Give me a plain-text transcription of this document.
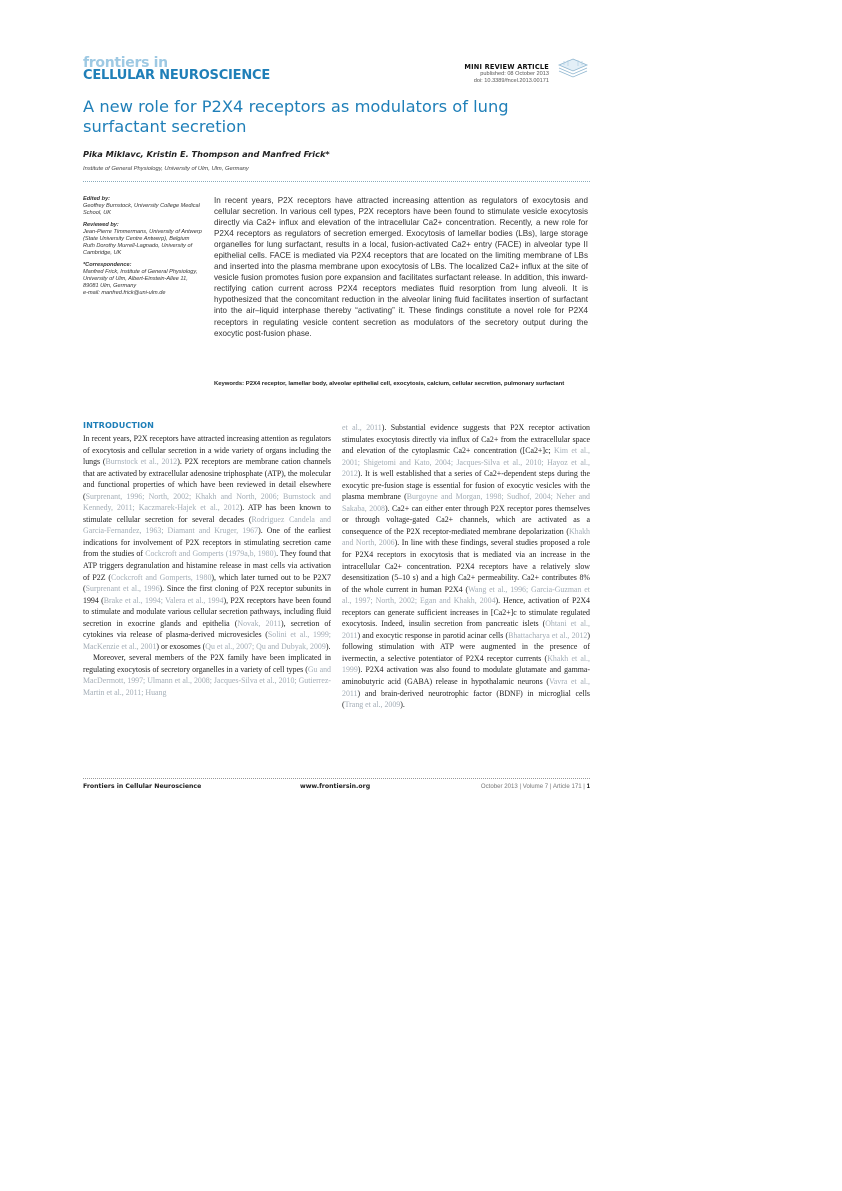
frontiers in
CELLULAR NEUROSCIENCE
MINI REVIEW ARTICLE
published: 08 October 2013
doi: 10.3389/fncel.2013.00171
A new role for P2X4 receptors as modulators of lung surfactant secretion
Pika Miklavc, Kristin E. Thompson and Manfred Frick*
Institute of General Physiology, University of Ulm, Ulm, Germany
Edited by:
Geoffrey Burnstock, University College Medical School, UK
Reviewed by:
Jean-Pierre Timmermans, University of Antwerp (State University Centre Antwerp), Belgium
Ruth Dorothy Murrell-Lagnado, University of Cambridge, UK
*Correspondence:
Manfred Frick, Institute of General Physiology, University of Ulm, Albert-Einstein-Allee 11, 89081 Ulm, Germany
e-mail: manfred.frick@uni-ulm.de

In recent years, P2X receptors have attracted increasing attention as regulators of exocytosis and cellular secretion. In various cell types, P2X receptors have been found to stimulate vesicle exocytosis directly via Ca2+ influx and elevation of the intracellular Ca2+ concentration. Recently, a new role for P2X4 receptors as regulators of secretion emerged. Exocytosis of lamellar bodies (LBs), large storage organelles for lung surfactant, results in a local, fusion-activated Ca2+ entry (FACE) in alveolar type II epithelial cells. FACE is mediated via P2X4 receptors that are located on the limiting membrane of LBs and inserted into the plasma membrane upon exocytosis of LBs. The localized Ca2+ influx at the site of vesicle fusion promotes fusion pore expansion and facilitates surfactant release. In addition, this inward-rectifying cation current across P2X4 receptors mediates fluid resorption from lung alveoli. It is hypothesized that the concomitant reduction in the alveolar lining fluid facilitates insertion of surfactant into the air–liquid interphase thereby “activating” it. These findings constitute a novel role for P2X4 receptors in regulating vesicle content secretion as modulators of the secretory output during the exocytic post-fusion phase.

Keywords: P2X4 receptor, lamellar body, alveolar epithelial cell, exocytosis, calcium, cellular secretion, pulmonary surfactant
INTRODUCTION

In recent years, P2X receptors have attracted increasing attention as regulators of exocytosis and cellular secretion in a wide variety of organs including the lungs (Burnstock et al., 2012). P2X receptors are membrane cation channels that are activated by extracellular adenosine triphosphate (ATP), the molecular and functional properties of which have been reviewed in detail elsewhere (Surprenant, 1996; North, 2002; Khakh and North, 2006; Burnstock and Kennedy, 2011; Kaczmarek-Hajek et al., 2012). ATP has been known to stimulate cellular secretion for several decades (Rodriguez Candela and Garcia-Fernandez, 1963; Diamant and Kruger, 1967). One of the earliest indications for involvement of P2X receptors in stimulating secretion came from the studies of Cockcroft and Gomperts (1979a,b, 1980). They found that ATP triggers degranulation and histamine release in mast cells via activation of P2Z (Cockcroft and Gomperts, 1980), which later turned out to be P2X7 (Surprenant et al., 1996). Since the first cloning of P2X receptor subunits in 1994 (Brake et al., 1994; Valera et al., 1994), P2X receptors have been found to stimulate and modulate various cellular secretion pathways, including fluid secretion in exocrine glands and epithelia (Novak, 2011), secretion of cytokines via release of plasma-derived microvesicles (Solini et al., 1999; MacKenzie et al., 2001) or exosomes (Qu et al., 2007; Qu and Dubyak, 2009).

Moreover, several members of the P2X family have been implicated in regulating exocytosis of secretory organelles in a variety of cell types (Gu and MacDermott, 1997; Ulmann et al., 2008; Jacques-Silva et al., 2010; Gutierrez-Martin et al., 2011; Huang

et al., 2011). Substantial evidence suggests that P2X receptor activation stimulates exocytosis directly via influx of Ca2+ from the extracellular space and elevation of the cytoplasmic Ca2+ concentration ([Ca2+]c; Kim et al., 2001; Shigetomi and Kato, 2004; Jacques-Silva et al., 2010; Hayoz et al., 2012). It is well established that a series of Ca2+-dependent steps during the exocytic pre-fusion stage is essential for fusion of exocytic vesicles with the plasma membrane (Burgoyne and Morgan, 1998; Sudhof, 2004; Neher and Sakaba, 2008). Ca2+ can either enter through P2X receptor pores themselves or through voltage-gated Ca2+ channels, which are activated as a consequence of the P2X receptor-mediated membrane depolarization (Khakh and North, 2006). In line with these findings, several studies proposed a role for P2X4 receptors in exocytosis that is mediated via an increase in the intracellular Ca2+ concentration. P2X4 receptors have a relatively slow desensitization (5–10 s) and a high Ca2+ permeability. Ca2+ contributes 8% of the whole current in human P2X4 (Wang et al., 1996; Garcia-Guzman et al., 1997; North, 2002; Egan and Khakh, 2004). Hence, activation of P2X4 receptors can generate sufficient increases in [Ca2+]c to stimulate regulated exocytosis. Indeed, insulin secretion from pancreatic islets (Ohtani et al., 2011) and exocytic response in parotid acinar cells (Bhattacharya et al., 2012) following stimulation with ATP were augmented in the presence of ivermectin, a selective potentiator of P2X4 receptor currents (Khakh et al., 1999). P2X4 activation was also found to modulate glutamate and gamma-aminobutyric acid (GABA) release in hypothalamic neurons (Vavra et al., 2011) and brain-derived neurotrophic factor (BDNF) in microglial cells (Trang et al., 2009).

Frontiers in Cellular Neuroscience	www.frontiersin.org	October 2013 | Volume 7 | Article 171 | 1
